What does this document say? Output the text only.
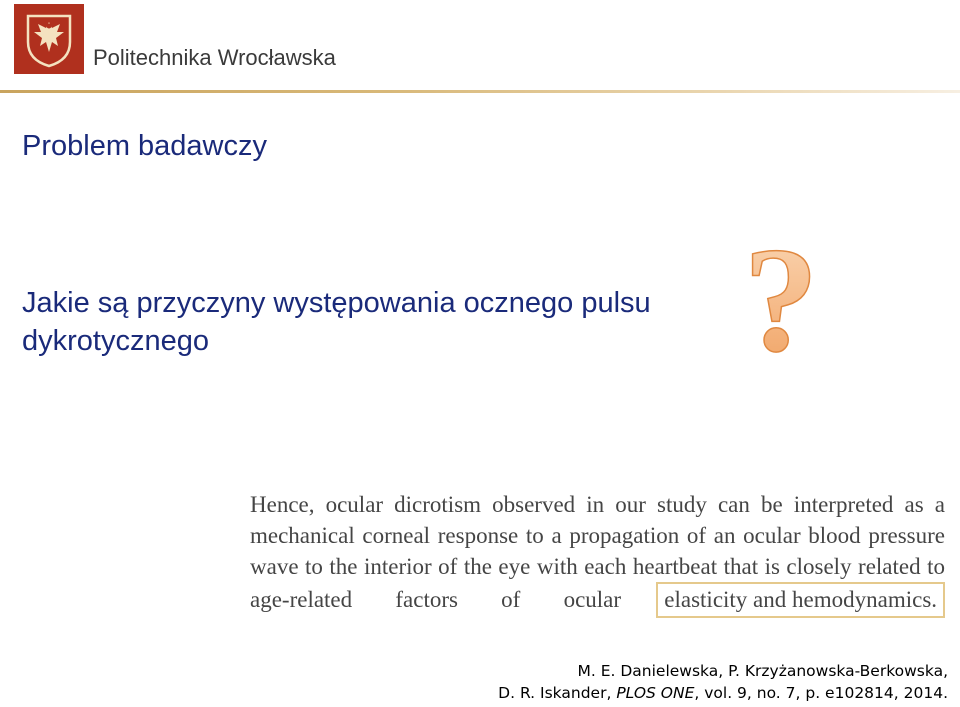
Politechnika Wrocławska
Problem badawczy
Jakie są przyczyny występowania ocznego pulsu dykrotycznego	?
Hence, ocular dicrotism observed in our study can be interpreted as a mechanical corneal response to a propagation of an ocular blood pressure wave to the interior of the eye with each heartbeat that is closely related to age-related factors of ocular elasticity and hemodynamics.
M. E. Danielewska, P. Krzyżanowska-Berkowska,
D. R. Iskander, PLOS ONE, vol. 9, no. 7, p. e102814, 2014.
